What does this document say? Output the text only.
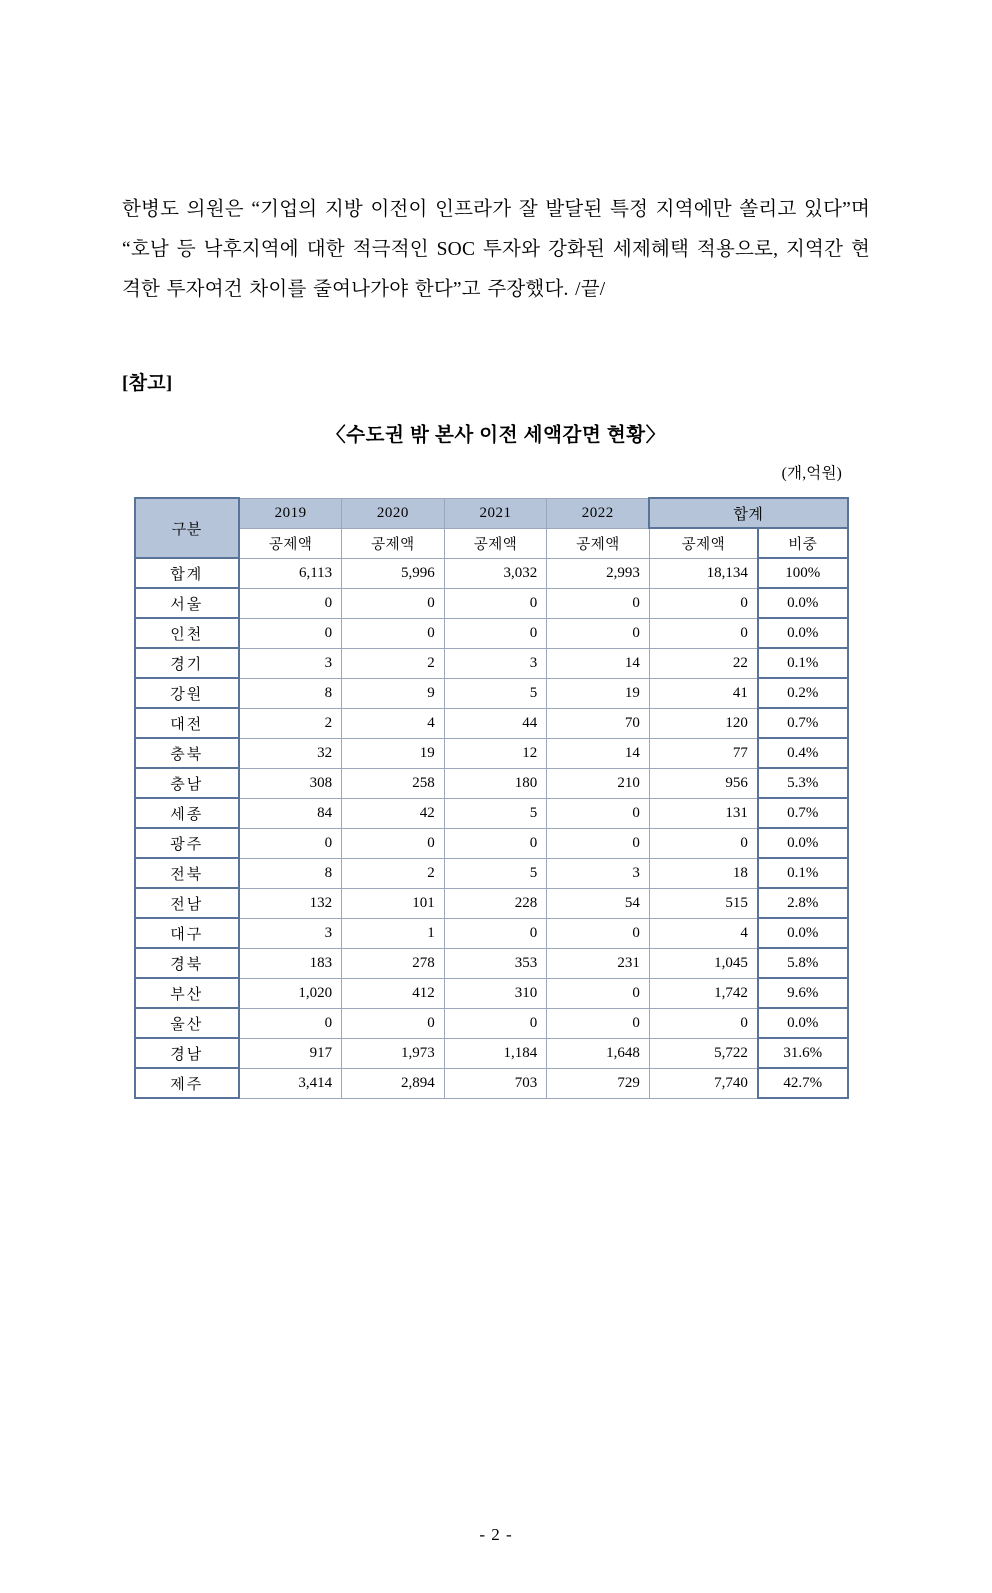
한병도 의원은 “기업의 지방 이전이 인프라가 잘 발달된 특정 지역에만 쏠리고 있다”며 “호남 등 낙후지역에 대한 적극적인 SOC 투자와 강화된 세제혜택 적용으로, 지역간 현격한 투자여건 차이를 줄여나가야 한다”고 주장했다. /끝/

[참고]
〈수도권 밖 본사 이전 세액감면 현황〉
(개,억원)
구분	2019	2020	2021	2022	합계	
	공제액	공제액	공제액	공제액	공제액	비중
합계	6,113	5,996	3,032	2,993	18,134	100%
서울	0	0	0	0	0	0.0%
인천	0	0	0	0	0	0.0%
경기	3	2	3	14	22	0.1%
강원	8	9	5	19	41	0.2%
대전	2	4	44	70	120	0.7%
충북	32	19	12	14	77	0.4%
충남	308	258	180	210	956	5.3%
세종	84	42	5	0	131	0.7%
광주	0	0	0	0	0	0.0%
전북	8	2	5	3	18	0.1%
전남	132	101	228	54	515	2.8%
대구	3	1	0	0	4	0.0%
경북	183	278	353	231	1,045	5.8%
부산	1,020	412	310	0	1,742	9.6%
울산	0	0	0	0	0	0.0%
경남	917	1,973	1,184	1,648	5,722	31.6%
제주	3,414	2,894	703	729	7,740	42.7%
- 2 -
